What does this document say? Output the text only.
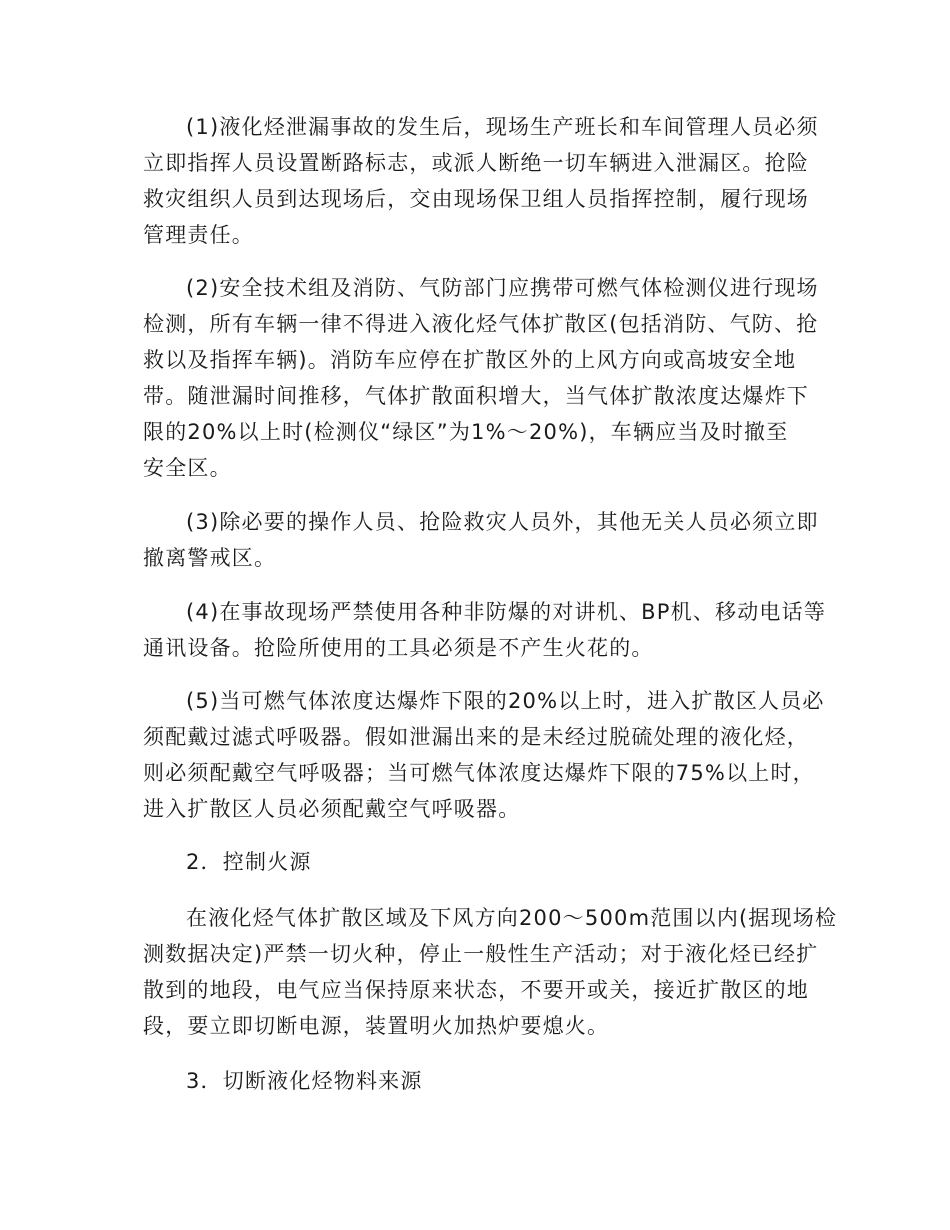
(1)液化烃泄漏事故的发生后，现场生产班长和车间管理人员必须
立即指挥人员设置断路标志，或派人断绝一切车辆进入泄漏区。抢险
救灾组织人员到达现场后，交由现场保卫组人员指挥控制，履行现场
管理责任。
(2)安全技术组及消防、气防部门应携带可燃气体检测仪进行现场
检测，所有车辆一律不得进入液化烃气体扩散区(包括消防、气防、抢
救以及指挥车辆)。消防车应停在扩散区外的上风方向或高坡安全地
带。随泄漏时间推移，气体扩散面积增大，当气体扩散浓度达爆炸下
限的20%以上时(检测仪“绿区”为1%～20%)，车辆应当及时撤至
安全区。
(3)除必要的操作人员、抢险救灾人员外，其他无关人员必须立即
撤离警戒区。
(4)在事故现场严禁使用各种非防爆的对讲机、BP机、移动电话等
通讯设备。抢险所使用的工具必须是不产生火花的。
(5)当可燃气体浓度达爆炸下限的20%以上时，进入扩散区人员必
须配戴过滤式呼吸器。假如泄漏出来的是未经过脱硫处理的液化烃，
则必须配戴空气呼吸器；当可燃气体浓度达爆炸下限的75%以上时，
进入扩散区人员必须配戴空气呼吸器。
2．控制火源
在液化烃气体扩散区域及下风方向200～500m范围以内(据现场检
测数据决定)严禁一切火种，停止一般性生产活动；对于液化烃已经扩
散到的地段，电气应当保持原来状态，不要开或关，接近扩散区的地
段，要立即切断电源，装置明火加热炉要熄火。
3．切断液化烃物料来源
